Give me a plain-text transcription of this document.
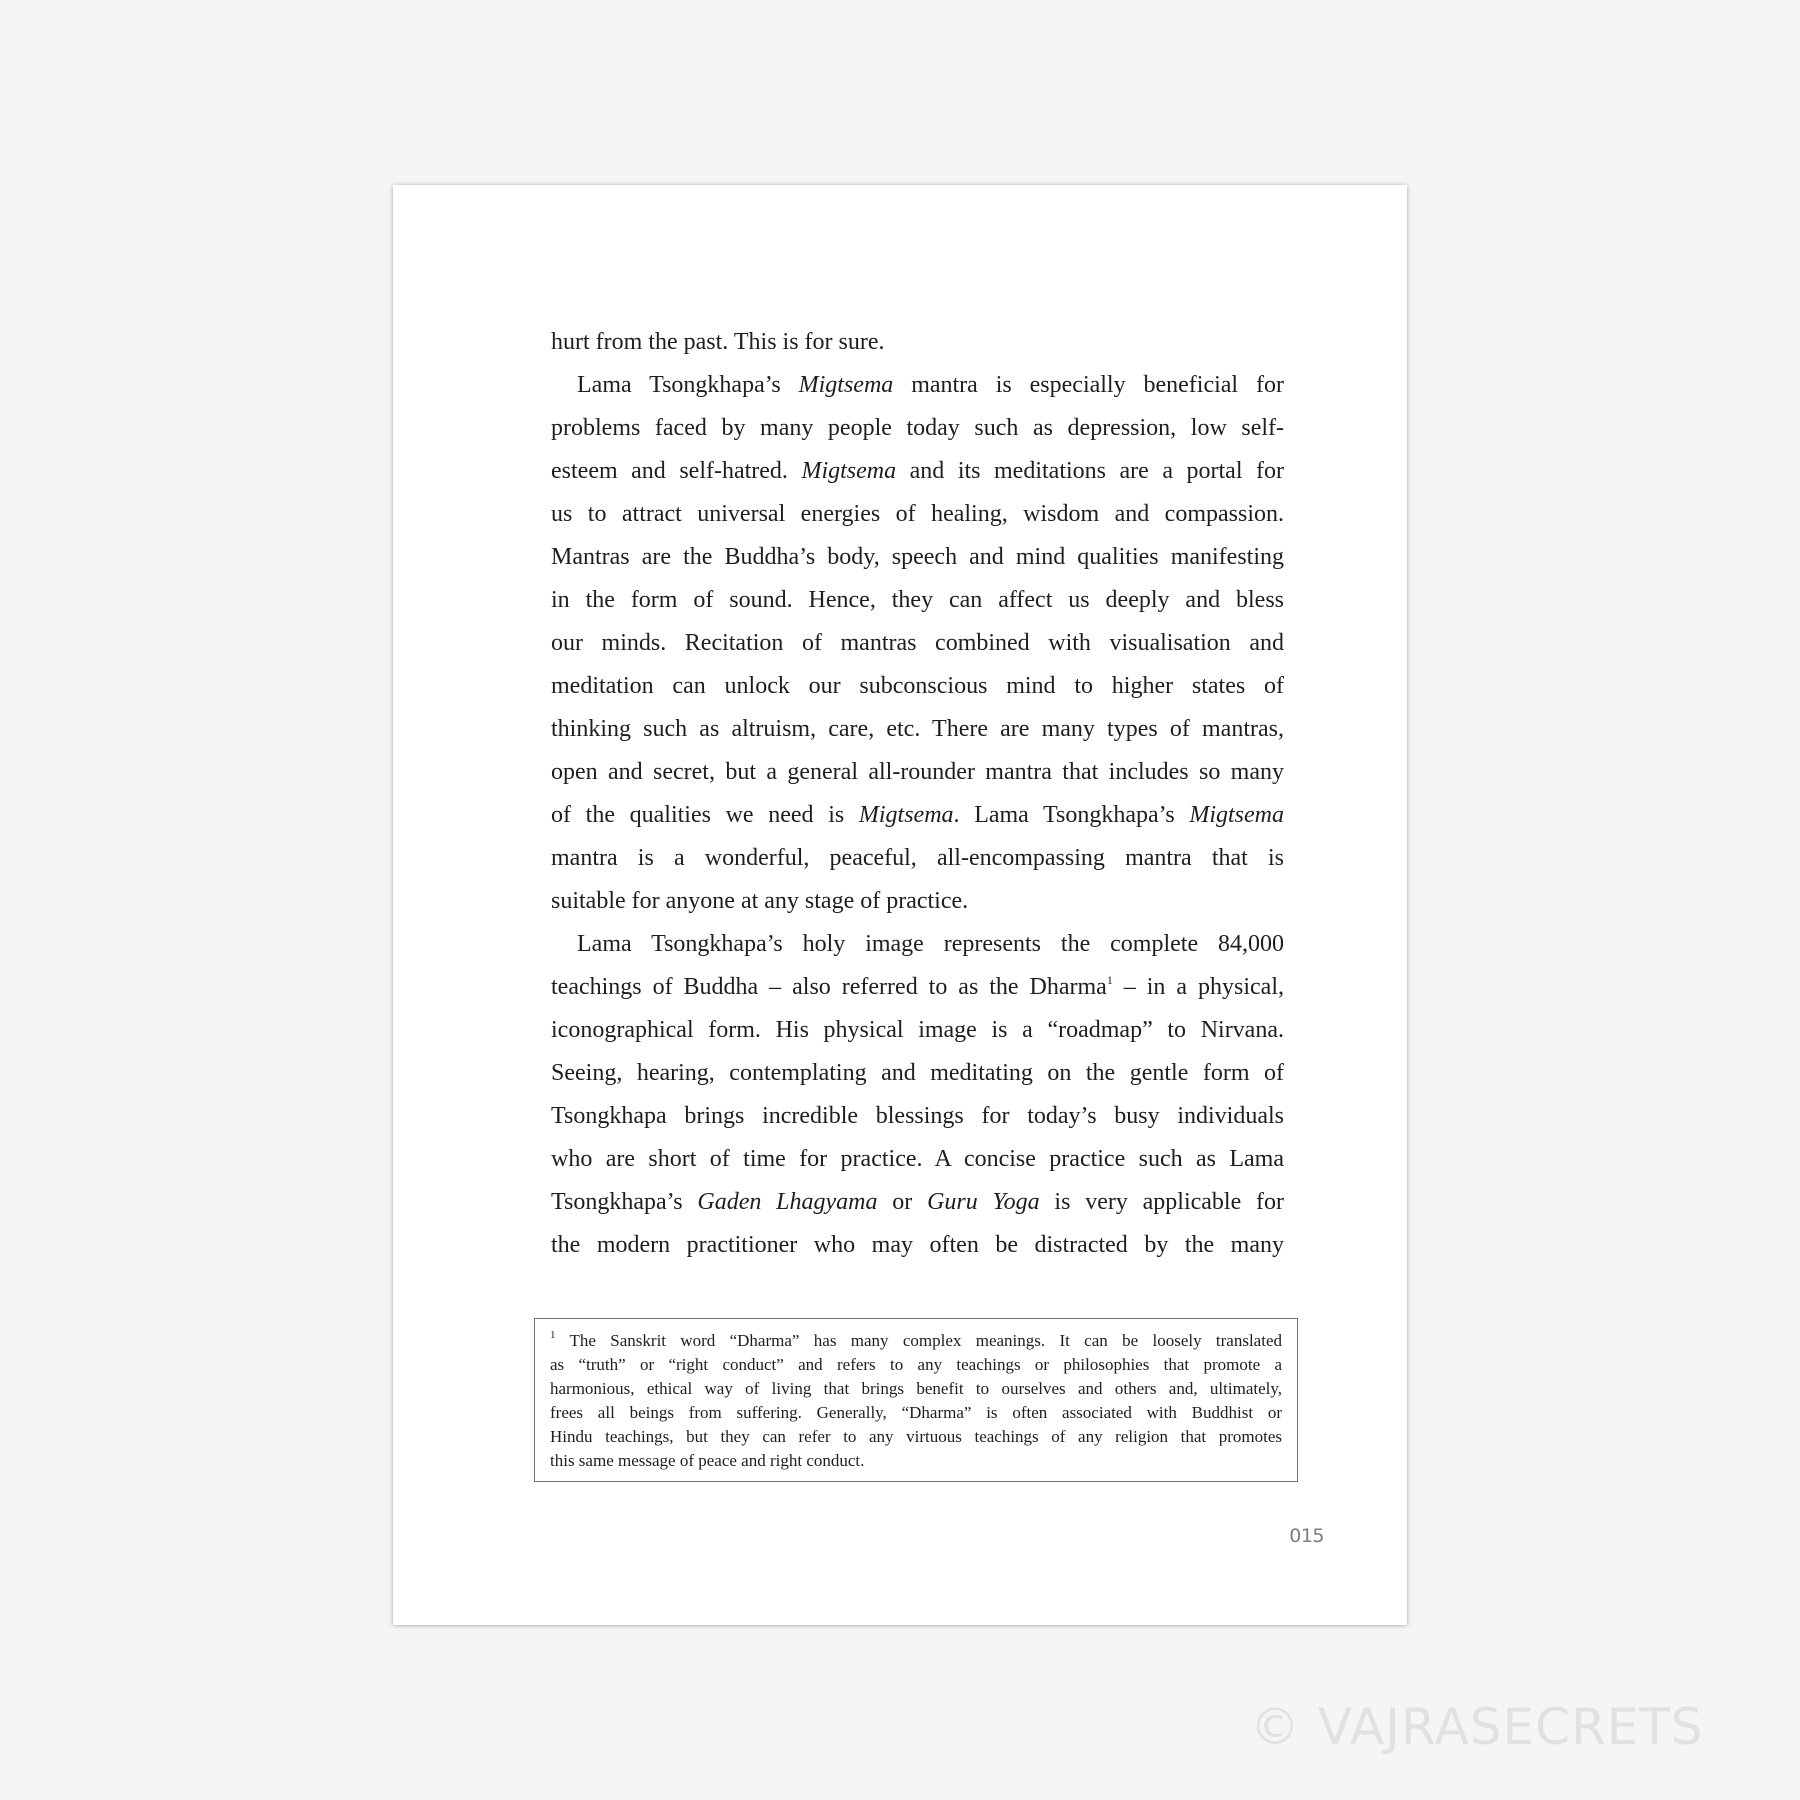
hurt from the past. This is for sure.
Lama Tsongkhapa’s Migtsema mantra is especially beneficial for
problems faced by many people today such as depression, low self-
esteem and self-hatred. Migtsema and its meditations are a portal for
us to attract universal energies of healing, wisdom and compassion.
Mantras are the Buddha’s body, speech and mind qualities manifesting
in the form of sound. Hence, they can affect us deeply and bless
our minds. Recitation of mantras combined with visualisation and
meditation can unlock our subconscious mind to higher states of
thinking such as altruism, care, etc. There are many types of mantras,
open and secret, but a general all-rounder mantra that includes so many
of the qualities we need is Migtsema. Lama Tsongkhapa’s Migtsema
mantra is a wonderful, peaceful, all-encompassing mantra that is
suitable for anyone at any stage of practice.
Lama Tsongkhapa’s holy image represents the complete 84,000
teachings of Buddha – also referred to as the Dharma$^1$ – in a physical,
iconographical form. His physical image is a “roadmap” to Nirvana.
Seeing, hearing, contemplating and meditating on the gentle form of
Tsongkhapa brings incredible blessings for today’s busy individuals
who are short of time for practice. A concise practice such as Lama
Tsongkhapa’s Gaden Lhagyama or Guru Yoga is very applicable for
the modern practitioner who may often be distracted by the many
$^1$ The Sanskrit word “Dharma” has many complex meanings. It can be loosely translated
as “truth” or “right conduct” and refers to any teachings or philosophies that promote a
harmonious, ethical way of living that brings benefit to ourselves and others and, ultimately,
frees all beings from suffering. Generally, “Dharma” is often associated with Buddhist or
Hindu teachings, but they can refer to any virtuous teachings of any religion that promotes
this same message of peace and right conduct.
015
© VAJRASECRETS
